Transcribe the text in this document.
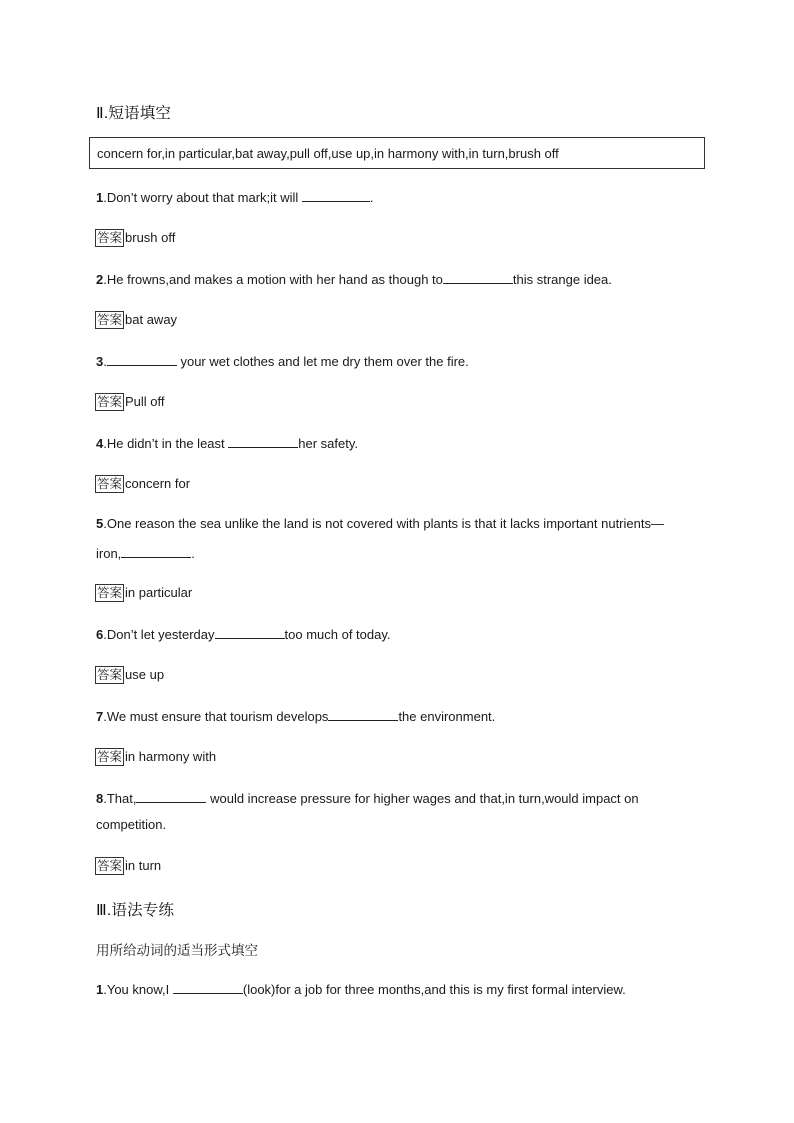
Ⅱ.短语填空
concern for,in particular,bat away,pull off,use up,in harmony with,in turn,brush off
1.Don’t worry about that mark;it will	.
答案 brush off
2.He frowns,and makes a motion with her hand as though to	this strange idea.
答案 bat away
3.	your wet clothes and let me dry them over the fire.
答案 Pull off
4.He didn’t in the least	her safety.
答案 concern for
5.One reason the sea unlike the land is not covered with plants is that it lacks important nutrients—
iron,	.
答案 in particular
6.Don’t let yesterday	too much of today.
答案 use up
7.We must ensure that tourism develops	the environment.
答案 in harmony with
8.That,	would increase pressure for higher wages and that,in turn,would impact on
competition.
答案 in turn
Ⅲ.语法专练
用所给动词的适当形式填空
1.You know,I	(look)for a job for three months,and this is my first formal interview.
